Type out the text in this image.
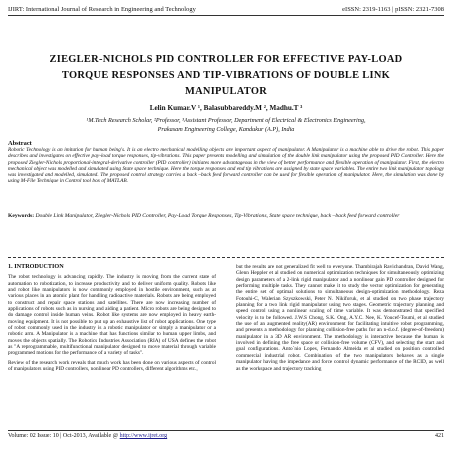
IJIRT: International Journal of Research in Engineering and Technology	eISSN: 2319-1163 | pISSN: 2321-7308
ZIEGLER-NICHOLS PID CONTROLLER FOR EFFECTIVE PAY-LOAD TORQUE RESPONSES AND TIP-VIBRATIONS OF DOUBLE LINK MANIPULATOR
Lelin Kumar.V ¹, Balasubbareddy.M ², Madhu.T ³
¹M.Tech Research Scholar, ²Professor, ³Assistant Professor, Department of Electrical & Electronics Engineering,
Prakasam Engineering College, Kandukur (A.P), India
Abstract

Robotic Technology is an imitation for human being's. It is an electro mechanical modelling objects are important aspect of manipulator. A Manipulator is a machine able to drive the robot. This paper describes and investigates on effective pay-load torque responses, tip-vibrations. This paper presents modelling and simulation of the double link manipulator using the proposed PID Controller. Here the proposed Ziegler-Nichols proportional-integral-derivative controller (PID controller) initiates more advantageous in the view of better performance and flexible operation of manipulator. First, the electro mechanical object was modelled and simulated using State space technique. Here the torque responses and end tip vibrations are assigned by state space variables. The entire two link manipulator topology was investigated and modelled, simulated. The proposed control strategy carries a back –back feed forward controller can be used for flexible operation of manipulator. Here, the simulation was done by using M-File Technique in Control tool box of MATLAB.

Keywords: Double Link Manipulator, Ziegler-Nichols PID Controller, Pay-Load Torque Responses, Tip-Vibrations, State space technique, back –back feed forward controller

1. INTRODUCTION

The robot technology is advancing rapidly. The industry is moving from the current state of automation to robotization, to increase productivity and to deliver uniform quality. Robots like and robot like manipulators is now commonly employed in hostile environment, such as at various places in an atomic plant for handling radioactive materials. Robots are being employed to construct and repair space stations and satellites. There are now increasing number of applications of robots such as in nursing and aiding a patient. Micro robots are being designed to do damage control inside human veins. Robot like systems are now employed in heavy earth-moving equipment. It is not possible to put up an exhaustive list of robot applications. One type of robot commonly used in the industry is a robotic manipulator or simply a manipulator or a robotic arm. A Manipulator is a machine that has functions similar to human upper limbs, and moves the objects spatially. The Robotics Industries Association (RIA) of USA defines the robot as "A reprogrammable, multifunctional manipulator designed to move material through variable programmed motions for the performance of a variety of tasks".

Review of the research work reveals that much work has been done on various aspects of control of manipulators using PID controllers, nonlinear PD controllers, different algorithms etc.,

but the results are not generalized fit well to everyone. Thambirajah Ravichandran, David Wang, Glenn Heppler et al studied on numerical optimization techniques for simultaneously optimizing design parameters of a 2-link rigid manipulator and a nonlinear gain PD controller designed for performing multiple tasks. They cannot make it to study the vector optimization for generating the entire set of optimal solutions to simultaneous design-optimization methodology. Reza Fotouhi-C, Walerian Szyszkowski, Peter N. Nikiforuk, et al studied on two phase trajectory planning for a two link rigid manipulator using two stages. Geometric trajectory planning and speed control using a nonlinear scaling of time variable. It was demonstrated that specified velocity is to be followed. J.W.S Chong, S.K. Ong, A.Y.C. Nee, K. Youcef-Toumi, et al studied the use of an augmented reality(AR) environment for facilitating intuitive robot programming, and presents a methodology for planning collision-free paths for an n-d.o.f. (degree-of-freedom) manipulator in a 3D AR environment. The methodology is interactive because the human is involved in defining the free space or collision-free volume (CFV), and selecting the start and goal configurations. Anto´nio Lopes, Fernando Almeida et al studied on position controlled commercial industrial robot. Combination of the two manipulators behaves as a single manipulator having the impedance and force control dynamic performance of the RCID, as well as the workspace and trajectory tracking

Volume: 02 Issue: 10 | Oct-2013, Available @ http://www.ijret.org	421
